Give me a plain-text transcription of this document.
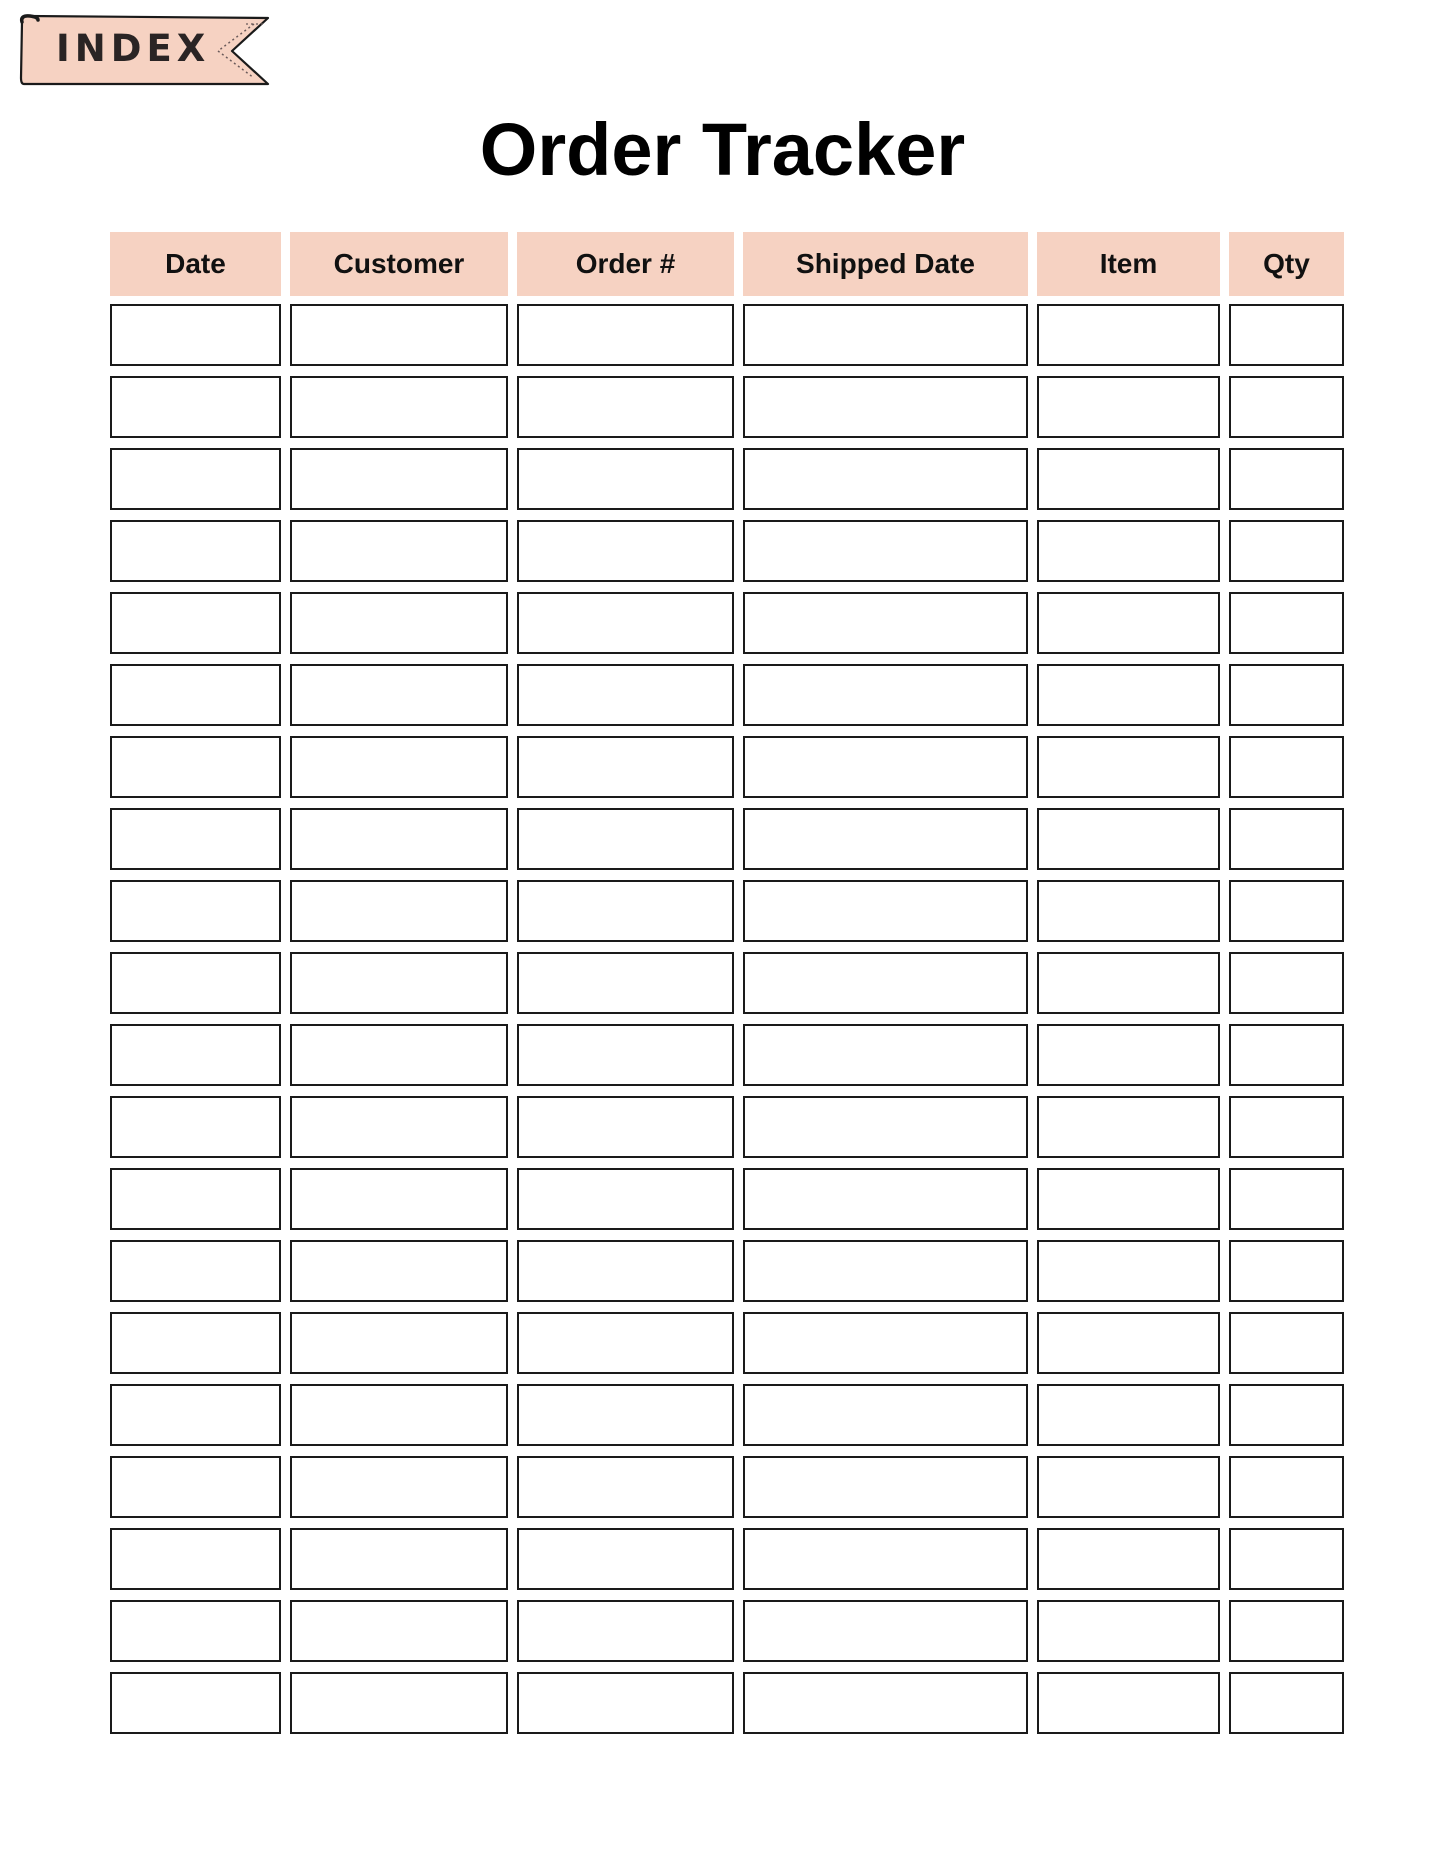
INDEX
Order Tracker
Date	Customer	Order #	Shipped Date	Item	Qty
